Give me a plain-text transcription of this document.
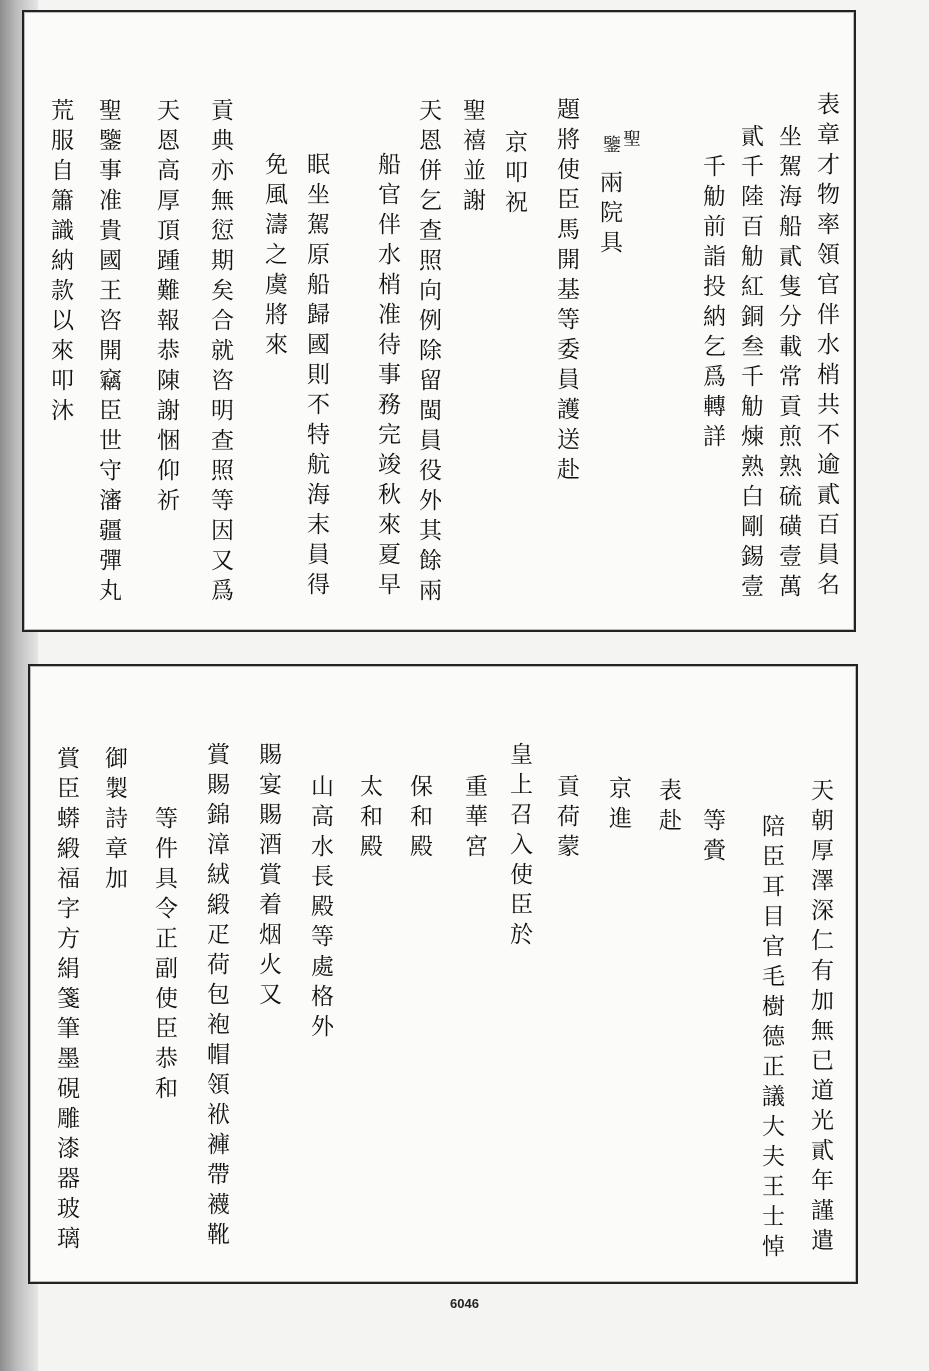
表章才物率領官伴水梢共不逾貳百員名
坐駕海船貳隻分載常貢煎熟硫磺壹萬
貳千陸百觔紅銅叁千觔煉熟白剛錫壹
千觔前詣投納乞爲轉詳
聖
鑒
兩院具
題將使臣馬開基等委員護送赴
京叩祝
聖禧並謝
天恩併乞查照向例除留閩員役外其餘兩
船官伴水梢准待事務完竣秋來夏早
眠坐駕原船歸國則不特航海末員得
免風濤之虞將來
貢典亦無愆期矣合就咨明查照等因又爲
天恩高厚頂踵難報恭陳謝悃仰祈
聖鑒事准貴國王咨開竊臣世守瀋疆彈丸
荒服自簫識納款以來叩沐
天朝厚澤深仁有加無已道光貳年謹遣
陪臣耳目官毛樹德正議大夫王士悼
等賫
表赴
京進
貢荷蒙
皇上召入使臣於
重華宮
保和殿
太和殿
山高水長殿等處格外
賜宴賜酒賞着烟火又
賞賜錦漳絨緞疋荷包袍帽領袱褲帶襪靴
等件具令正副使臣恭和
御製詩章加
賞臣蟒緞福字方絹箋筆墨硯雕漆器玻璃
6046
